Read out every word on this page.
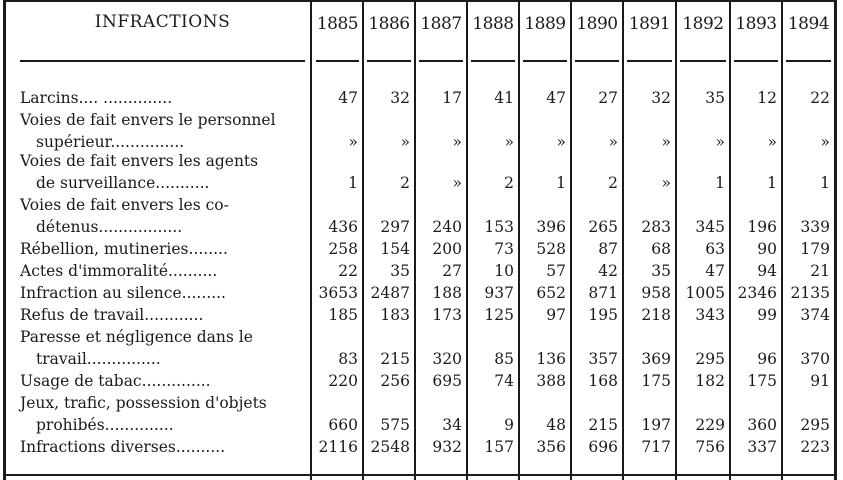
INFRACTIONS	1885 1886 1887 1888 1889 1890 1891 1892 1893 1894
Larcins.... ..............	47	32	17	41	47	27	32	35	12	22
Voies de fait envers le personnel
supérieur...............	»	»	»	»	»	»	»	»	»	»
Voies de fait envers les agents
de surveillance...........	1	2	»	2	1	2	»	1	1	1
Voies de fait envers les co-
détenus.................	436	297	240	153	396	265	283	345	196	339
Rébellion, mutineries........	258	154	200	73	528	87	68	63	90	179
Actes d'immoralité..........	22	35	27	10	57	42	35	47	94	21
Infraction au silence.........	3653 2487	188	937	652	871	958 1005 2346 2135
Refus de travail............	185	183	173	125	97	195	218	343	99	374
Paresse et négligence dans le
travail...............	83	215	320	85	136	357	369	295	96	370
Usage de tabac..............	220	256	695	74	388	168	175	182	175	91
Jeux, trafic, possession d'objets
prohibés..............	660	575	34	9	48	215	197	229	360	295
Infractions diverses..........	2116 2548	932	157	356	696	717	756	337	223
